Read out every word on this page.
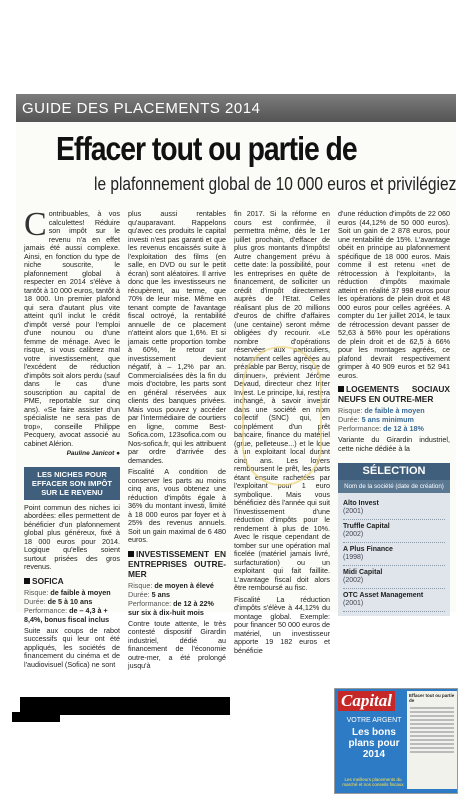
GUIDE DES PLACEMENTS 2014
Effacer tout ou partie de
le plafonnement global de 10 000 euros et privilégiez
C ontribuables, à vos calculettes! Réduire son impôt sur le revenu n'a en effet jamais été aussi complexe. Ainsi, en fonction du type de niche souscrite, le plafonnement global à respecter en 2014 s'élève à tantôt à 10 000 euros, tantôt à 18 000. Un premier plafond qui sera d'autant plus vite atteint qu'il inclut le crédit d'impôt versé pour l'emploi d'une nounou ou d'une femme de ménage. Avec le risque, si vous calibrez mal votre investissement, que l'excédent de réduction d'impôts soit alors perdu (sauf dans le cas d'une souscription au capital de PME, reportable sur cinq ans). «Se faire assister d'un spécialiste ne sera pas de trop», conseille Philippe Pecquery, avocat associé au cabinet Alérion.
Pauline Janicot ●
LES NICHES POUR EFFACER SON IMPÔT SUR LE REVENU
Point commun des niches ici abordées: elles permettent de bénéficier d'un plafonnement global plus généreux, fixé à 18 000 euros pour 2014. Logique qu'elles soient surtout prisées des gros revenus.
SOFICA
Risque: de faible à moyen
Durée: de 5 à 10 ans
Performance: de – 4,3 à + 8,4%, bonus fiscal inclus
Suite aux coups de rabot successifs qui leur ont été appliqués, les sociétés de financement du cinéma et de l'audiovisuel (Sofica) ne sont
plus aussi rentables qu'auparavant. Rappelons qu'avec ces produits le capital investi n'est pas garanti et que les revenus encaissés suite à l'exploitation des films (en salle, en DVD ou sur le petit écran) sont aléatoires. Il arrive donc que les investisseurs ne récupèrent, au terme, que 70% de leur mise. Même en tenant compte de l'avantage fiscal octroyé, la rentabilité annuelle de ce placement n'atteint alors que 1,6%. Et si jamais cette proportion tombe à 60%, le retour sur investissement devient négatif, à – 1,2% par an. Commercialisées dès la fin du mois d'octobre, les parts sont en général réservées aux clients des banques privées. Mais vous pouvez y accéder par l'intermédiaire de courtiers en ligne, comme Best-Sofica.com, 123sofica.com ou Nos-sofica.fr, qui les attribuent par ordre d'arrivée des demandes.
Fiscalité A condition de conserver les parts au moins cinq ans, vous obtenez une réduction d'impôts égale à 36% du montant investi, limité à 18 000 euros par foyer et à 25% des revenus annuels. Soit un gain maximal de 6 480 euros.
INVESTISSEMENT EN ENTREPRISES OUTRE-MER
Risque: de moyen à élevé
Durée: 5 ans
Performance: de 12 à 22% sur six à dix-huit mois
Contre toute attente, le très contesté dispositif Girardin industriel, dédié au financement de l'économie outre-mer, a été prolongé jusqu'à
fin 2017. Si la réforme en cours est confirmée, il permettra même, dès le 1er juillet prochain, d'effacer de plus gros montants d'impôts! Autre changement prévu à cette date: la possibilité, pour les entreprises en quête de financement, de solliciter un crédit d'impôt directement auprès de l'Etat. Celles réalisant plus de 20 millions d'euros de chiffre d'affaires (une centaine) seront même obligées d'y recourir. «Le nombre d'opérations réservées aux particuliers, notamment celles agréées au préalable par Bercy, risque de diminuer», prévient Jérôme Devaud, directeur chez Inter Invest. Le principe, lui, restera inchangé, à savoir investir dans une société en nom collectif (SNC) qui, en complément d'un prêt bancaire, finance du matériel (grue, pelleteuse...) et le loue à un exploitant local durant cinq ans. Les loyers remboursent le prêt, les parts étant ensuite rachetées par l'exploitant pour 1 euro symbolique. Mais vous bénéficiez dès l'année qui suit l'investissement d'une réduction d'impôts pour le rendement à plus de 10%. Avec le risque cependant de tomber sur une opération mal ficelée (matériel jamais livré, surfacturation) ou un exploitant qui fait faillite. L'avantage fiscal doit alors être remboursé au fisc.
Fiscalité La réduction d'impôts s'élève à 44,12% du montage global. Exemple: pour financer 50 000 euros de matériel, un investisseur apporte 19 182 euros et bénéficie
d'une réduction d'impôts de 22 060 euros (44,12% de 50 000 euros). Soit un gain de 2 878 euros, pour une rentabilité de 15%. L'avantage obéit en principe au plafonnement spécifique de 18 000 euros. Mais comme il est retenu «net de rétrocession à l'exploitant», la réduction d'impôts maximale atteint en réalité 37 998 euros pour les opérations de plein droit et 48 000 euros pour celles agréées. A compter du 1er juillet 2014, le taux de rétrocession devant passer de 52,63 à 56% pour les opérations de plein droit et de 62,5 à 66% pour les montages agréés, ce plafond devrait respectivement grimper à 40 909 euros et 52 941 euros.
LOGEMENTS SOCIAUX NEUFS EN OUTRE-MER
Risque: de faible à moyen
Durée: 5 ans minimum
Performance: de 12 à 18%
Variante du Girardin industriel, cette niche dédiée à la
SÉLECTION
Nom de la société (date de création)
Alto Invest
(2001)
Truffle Capital
(2002)
A Plus Finance
(1998)
Midi Capital
(2002)
OTC Asset Management
(2001)
Capital
VOTRE ARGENT
Les bons plans pour 2014
Les meilleurs placements du marché et nos conseils fiscaux
Effacer tout ou partie de
